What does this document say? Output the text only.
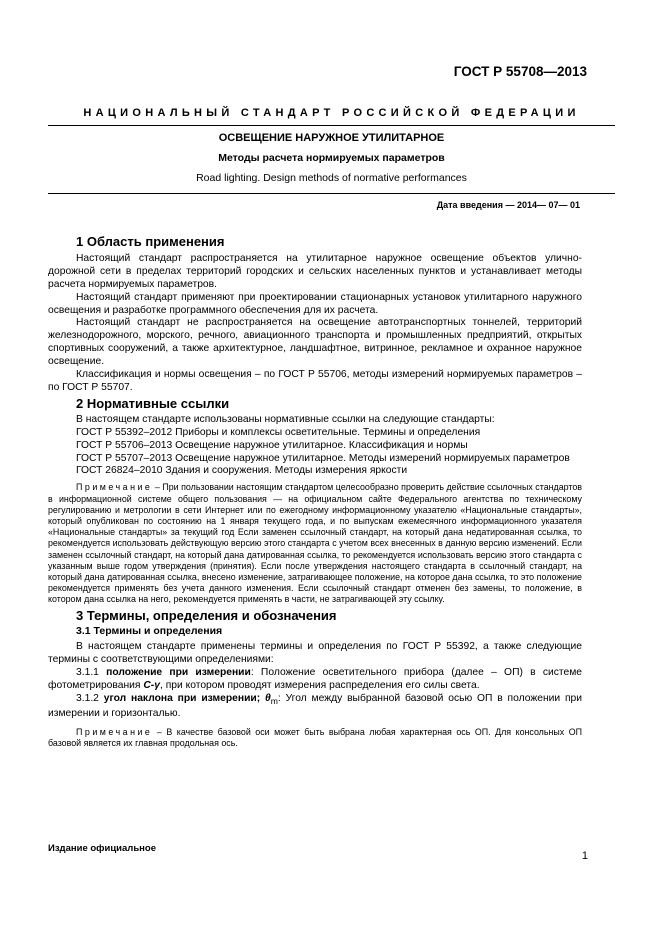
ГОСТ Р 55708—2013
НАЦИОНАЛЬНЫЙ СТАНДАРТ РОССИЙСКОЙ ФЕДЕРАЦИИ
ОСВЕЩЕНИЕ НАРУЖНОЕ УТИЛИТАРНОЕ
Методы расчета нормируемых параметров
Road lighting. Design methods of normative performances
Дата введения — 2014— 07— 01
1 Область применения

Настоящий стандарт распространяется на утилитарное наружное освещение объектов улично-дорожной сети в пределах территорий городских и сельских населенных пунктов и устанавливает методы расчета нормируемых параметров.

Настоящий стандарт применяют при проектировании стационарных установок утилитарного наружного освещения и разработке программного обеспечения для их расчета.

Настоящий стандарт не распространяется на освещение автотранспортных тоннелей, территорий железнодорожного, морского, речного, авиационного транспорта и промышленных предприятий, открытых спортивных сооружений, а также архитектурное, ландшафтное, витринное, рекламное и охранное наружное освещение.

Классификация и нормы освещения – по ГОСТ Р 55706, методы измерений нормируемых параметров – по ГОСТ Р 55707.

2 Нормативные ссылки

В настоящем стандарте использованы нормативные ссылки на следующие стандарты:

ГОСТ Р 55392–2012 Приборы и комплексы осветительные. Термины и определения

ГОСТ Р 55706–2013 Освещение наружное утилитарное. Классификация и нормы

ГОСТ Р 55707–2013 Освещение наружное утилитарное. Методы измерений нормируемых параметров

ГОСТ 26824–2010 Здания и сооружения. Методы измерения яркости

Примечание – При пользовании настоящим стандартом целесообразно проверить действие ссылочных стандартов в информационной системе общего пользования — на официальном сайте Федерального агентства по техническому регулированию и метрологии в сети Интернет или по ежегодному информационному указателю «Национальные стандарты», который опубликован по состоянию на 1 января текущего года, и по выпускам ежемесячного информационного указателя «Национальные стандарты» за текущий год Если заменен ссылочный стандарт, на который дана недатированная ссылка, то рекомендуется использовать действующую версию этого стандарта с учетом всех внесенных в данную версию изменений. Если заменен ссылочный стандарт, на который дана датированная ссылка, то рекомендуется использовать версию этого стандарта с указанным выше годом утверждения (принятия). Если после утверждения настоящего стандарта в ссылочный стандарт, на который дана датированная ссылка, внесено изменение, затрагивающее положение, на которое дана ссылка, то это положение рекомендуется применять без учета данного изменения. Если ссылочный стандарт отменен без замены, то положение, в котором дана ссылка на него, рекомендуется применять в части, не затрагивающей эту ссылку.

3 Термины, определения и обозначения
3.1 Термины и определения

В настоящем стандарте применены термины и определения по ГОСТ Р 55392, а также следующие термины с соответствующими определениями:

3.1.1 положение при измерении: Положение осветительного прибора (далее – ОП) в системе фотометрирования C-γ, при котором проводят измерения распределения его силы света.

3.1.2 угол наклона при измерении; $\theta_m$: Угол между выбранной базовой осью ОП в положении при измерении и горизонталью.

Примечание – В качестве базовой оси может быть выбрана любая характерная ось ОП. Для консольных ОП базовой является их главная продольная ось.

Издание официальное
1
